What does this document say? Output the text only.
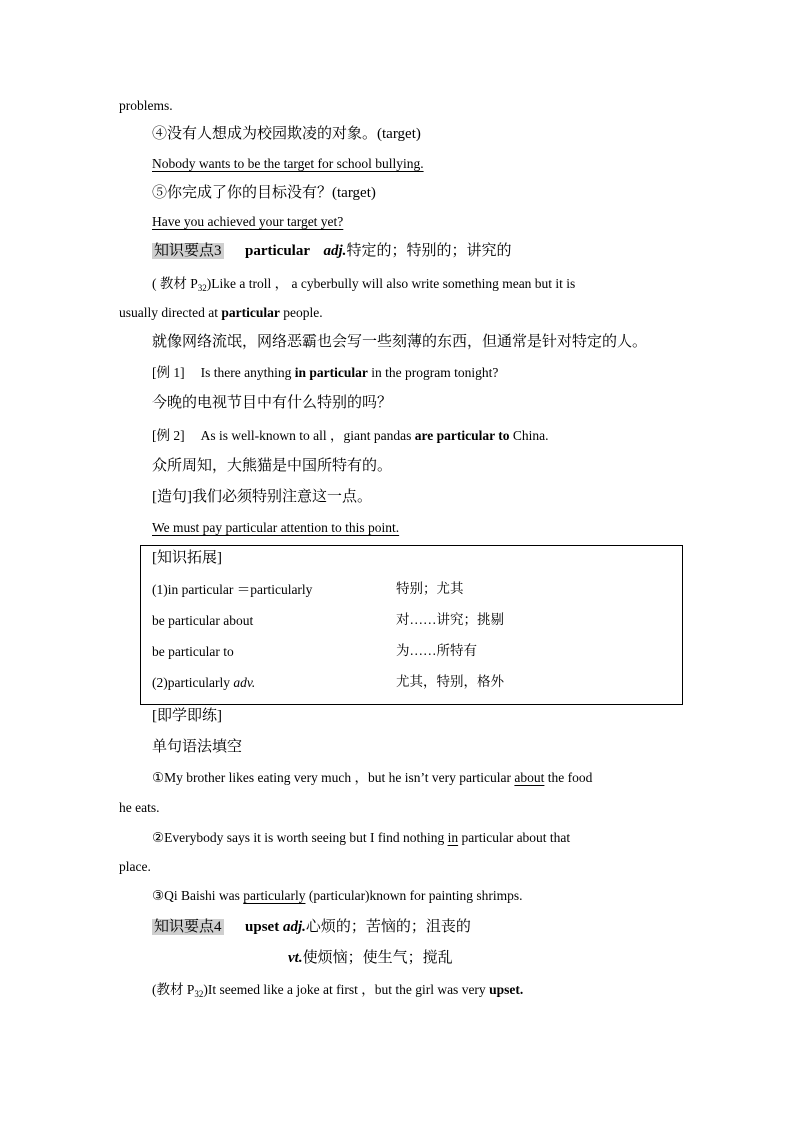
problems.
④没有人想成为校园欺凌的对象。(target)
Nobody wants to be the target for school bullying.
⑤你完成了你的目标没有？(target)
Have you achieved your target yet?
知识要点3 particular adj.特定的；特别的；讲究的
( 教材 $P_{32})Like$ a troll ， a cyberbully will also write something mean but it is
usually directed at particular people.
就像网络流氓，网络恶霸也会写一些刻薄的东西，但通常是针对特定的人。
[例 1] Is there anything in particular in the program tonight?
今晚的电视节目中有什么特别的吗？
[例 2] As is well-known to all ，giant pandas are particular to China.
众所周知，大熊猫是中国所特有的。
[造句]我们必须特别注意这一点。
We must pay particular attention to this point.
[知识拓展]
(1)in particular ＝particularly	特别；尤其
be particular about	对……讲究；挑剔
be particular to	为……所特有
(2)particularly adv.	尤其，特别，格外
[即学即练]
单句语法填空
①My brother likes eating very much ，but he isn’t very particular about the food
he eats.
②Everybody says it is worth seeing but I find nothing in particular about that
place.
③Qi Baishi was particularly (particular)known for painting shrimps.
知识要点4 upset adj.心烦的；苦恼的；沮丧的
vt.使烦恼；使生气；搅乱
(教材 $P_{32})It$ seemed like a joke at first ，but the girl was very upset.
